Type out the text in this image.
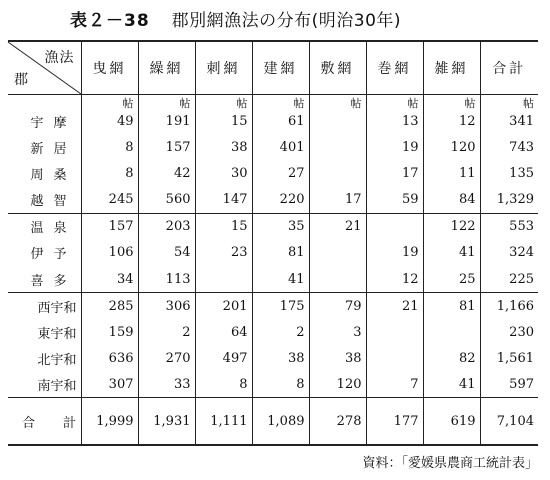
表２－38 郡別網漁法の分布(明治30年)
漁法
郡	曳網	繰網	刺網	建網	敷網	巻網	雑網	合計
	帖	帖	帖	帖	帖	帖	帖	帖
宇摩	49	191	15	61		13	12	341
新居	8	157	38	401		19	120	743
周桑	8	42	30	27		17	11	135
越智	245	560	147	220	17	59	84	1,329
温泉	157	203	15	35	21		122	553
伊予	106	54	23	81		19	41	324
喜多	34	113		41		12	25	225
西宇和	285	306	201	175	79	21	81	1,166
東宇和	159	2	64	2	3			230
北宇和	636	270	497	38	38		82	1,561
南宇和	307	33	8	8	120	7	41	597
合計	1,999	1,931	1,111	1,089	278	177	619	7,104
資料：「愛媛県農商工統計表」
